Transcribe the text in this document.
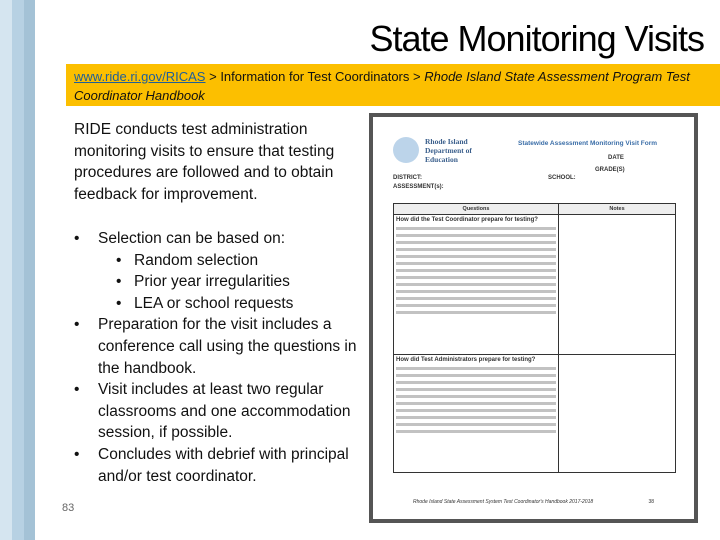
State Monitoring Visits
www.ride.ri.gov/RICAS > Information for Test Coordinators > Rhode Island State Assessment Program Test Coordinator Handbook
RIDE conducts test administration monitoring visits to ensure that testing procedures are followed and to obtain feedback for improvement.
• Selection can be based on:
• Random selection
• Prior year irregularities
• LEA or school requests
• Preparation for the visit includes a conference call using the questions in the handbook.
• Visit includes at least two regular classrooms and one accommodation session, if possible.
• Concludes with debrief with principal and/or test coordinator.
83
Rhode Island Department of Education
Statewide Assessment Monitoring Visit Form
DATE
GRADE(S)
DISTRICT:	SCHOOL:
ASSESSMENT(s):
Questions	Notes
How did the Test Coordinator prepare for testing?

How did Test Administrators prepare for testing?

Rhode Island State Assessment System Test Coordinator's Handbook 2017-2018	38
